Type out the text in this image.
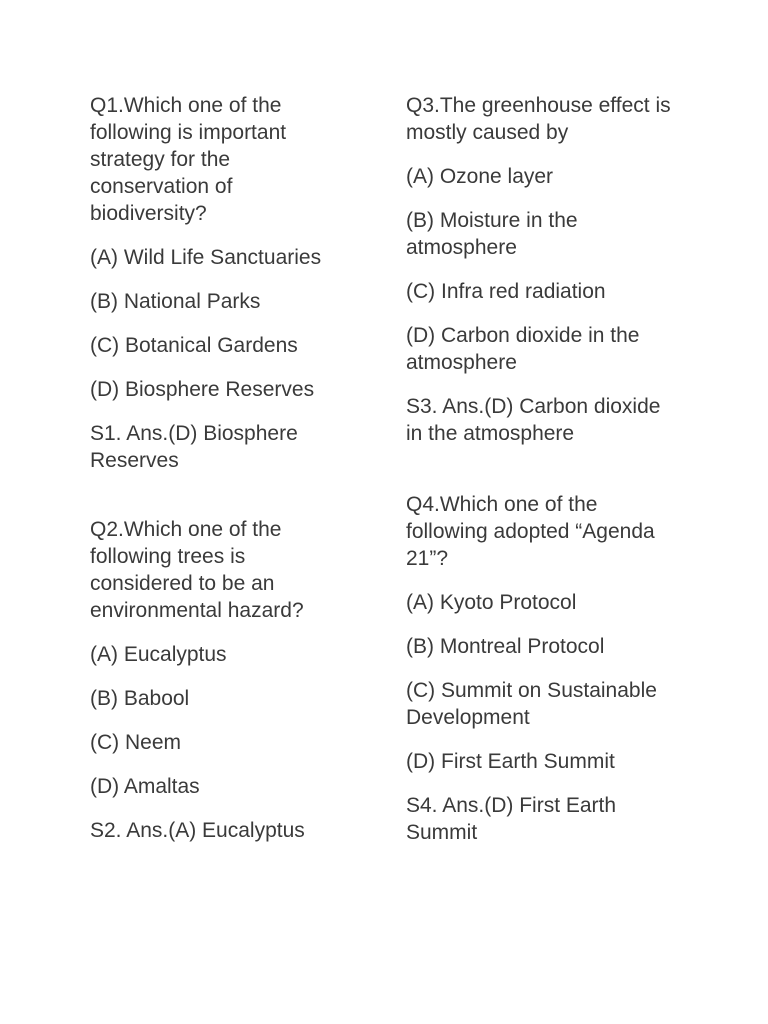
Q1.Which one of the following is important strategy for the conservation of biodiversity?

(A) Wild Life Sanctuaries

(B) National Parks

(C) Botanical Gardens

(D) Biosphere Reserves

S1. Ans.(D) Biosphere Reserves

Q2.Which one of the following trees is considered to be an environmental hazard?

(A) Eucalyptus

(B) Babool

(C) Neem

(D) Amaltas

S2. Ans.(A) Eucalyptus

Q3.The greenhouse effect is mostly caused by

(A) Ozone layer

(B) Moisture in the atmosphere

(C) Infra red radiation

(D) Carbon dioxide in the atmosphere

S3. Ans.(D) Carbon dioxide in the atmosphere

Q4.Which one of the following adopted “Agenda 21”?

(A) Kyoto Protocol

(B) Montreal Protocol

(C) Summit on Sustainable Development

(D) First Earth Summit

S4. Ans.(D) First Earth Summit
